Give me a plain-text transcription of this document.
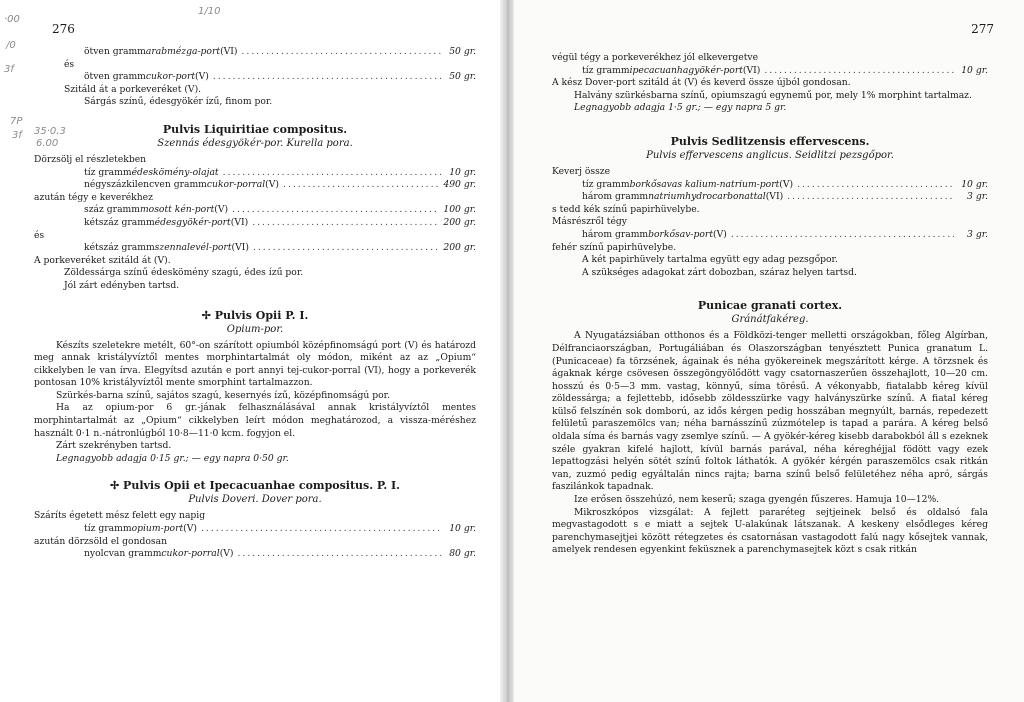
276
·00
/0
3f
7P
3f 35·0.3
6.00
1/10
ötven gramm arabmézga-port (VI) .....	50 gr.
és
ötven gramm cukor-port (V) .....	50 gr.
Szitáld át a porkeveréket (V).
Sárgás színű, édesgyökér ízű, finom por.
Pulvis Liquiritiae compositus.
Szennás édesgyökér-por. Kurella pora.
Dörzsölj el részletekben
tíz gramm édesköménу-olajat .....	10 gr.
négyszázkilencven gramm cukor-porral (V) .....	490 gr.
azután tégy e keverékhez
száz gramm mosott kén-port (V) .....	100 gr.
kétszáz gramm édesgyökér-port (VI) .....	200 gr.
és
kétszáz gramm szennalevél-port (VI) .....	200 gr.
A porkeveréket szitáld át (V).
Zöldessárga színű édeskömény szagú, édes ízű por.
Jól zárt edényben tartsd.
✢ Pulvis Opii P. I.
Opium-por.
Készíts szeletekre metélt, 60°-on szárított opiumból középfinomságú port (V) és határozd meg annak kristályvíztől mentes morphintartalmát oly módon, miként az az „Opium“ cikkelyben le van írva. Elegyítsd azután e port annyi tej-cukor-porral (VI), hogy a porkeverék pontosan 10% kristályvíztől mente smorphint tartalmazzon.
Szürkés-barna színű, sajátos szagú, kesernyés ízű, középfinomságú por.
Ha az opium-por 6 gr.-jának felhasználásával annak kristályvíztől mentes morphintartalmát az „Opium“ cikkelyben leírt módon meghatározod, a vissza-méréshez használt 0·1 n.-nátronlúgból 10·8—11·0 kcm. fogyjon el.
Zárt szekrényben tartsd.
Legnagyobb adagja 0·15 gr.; — egy napra 0·50 gr.
✢ Pulvis Opii et Ipecacuanhae compositus. P. I.
Pulvis Doveri. Dover pora.
Száríts égetett mész felett egy napig
tíz gramm opium-port (V) .....	10 gr.
azután dörzsöld el gondosan
nyolcvan gramm cukor-porral (V) .....	80 gr.
277
végül tégy a porkeverékhez jól elkevergetve
tíz gramm ipecacuanhagyökér-port (VI) .....	10 gr.
A kész Dover-port szitáld át (V) és keverd össze újból gondosan.
Halvány szürkésbarna színű, opiumszagú egynemű por, mely 1% morphint tartalmaz.
Legnagyobb adagja 1·5 gr.; — egy napra 5 gr.
Pulvis Sedlitzensis effervescens.
Pulvis effervescens anglicus. Seidlitzi pezsgőpor.
Keverj össze
tíz gramm borkősavas kalium-natrium-port (V) .....	10 gr.
három gramm natriumhydrocarbonattal (VI) .....	3 gr.
s tedd kék színű papirhüvelybe.
Másrészről tégy
három gramm borkősav-port (V) .....	3 gr.
fehér színű papirhüvelybe.
A két papirhüvely tartalma együtt egy adag pezsgőpor.
A szükséges adagokat zárt dobozban, száraz helyen tartsd.
Punicae granati cortex.
Gránátfakéreg.
A Nyugatázsiában otthonos és a Földközi-tenger melletti országokban, főleg Algírban, Délfranciaországban, Portugáliában és Olaszországban tenyésztett Punica granatum L. (Punicaceae) fa törzsének, ágainak és néha gyökereinek megszárított kérge. A törzsnek és ágaknak kérge csövesen összegöngyölődött vagy csatornaszerűen összehajlott, 10—20 cm. hosszú és 0·5—3 mm. vastag, könnyű, síma törésű. A vékonyabb, fiatalabb kéreg kívül zöldessárga; a fejlettebb, idősebb zöldesszürke vagy halványszürke színű. A fiatal kéreg külső felszínén sok domború, az idős kérgen pedig hosszában megnyúlt, barnás, repedezett felületű paraszemölcs van; néha barnásszínű zúzmótelep is tapad a parára. A kéreg belső oldala síma és barnás vagy zsemlye színű. — A gyökér-kéreg kisebb darabokból áll s ezeknek széle gyakran kifelé hajlott, kívül barnás parával, néha kéreghéjjal födött vagy ezek lepattogzási helyén sötét színű foltok láthatók. A gyökér kérgén paraszemölcs csak ritkán van, zuzmó pedig egyáltalán nincs rajta; barna színű belső felületéhez néha apró, sárgás faszilánkok tapadnak.
Ize erősen összehúzó, nem keserű; szaga gyengén fűszeres. Hamuja 10—12%.
Mikroszkópos vizsgálat: A fejlett pararéteg sejtjeinek belső és oldalsó fala megvastagodott s e miatt a sejtek U-alakúnak látszanak. A keskeny elsődleges kéreg parenchymasejtjei között rétegzetes és csatornásan vastagodott falú nagy kősejtek vannak, amelyek rendesen egyenkint feküsznek a parenchymasejtek közt s csak ritkán
